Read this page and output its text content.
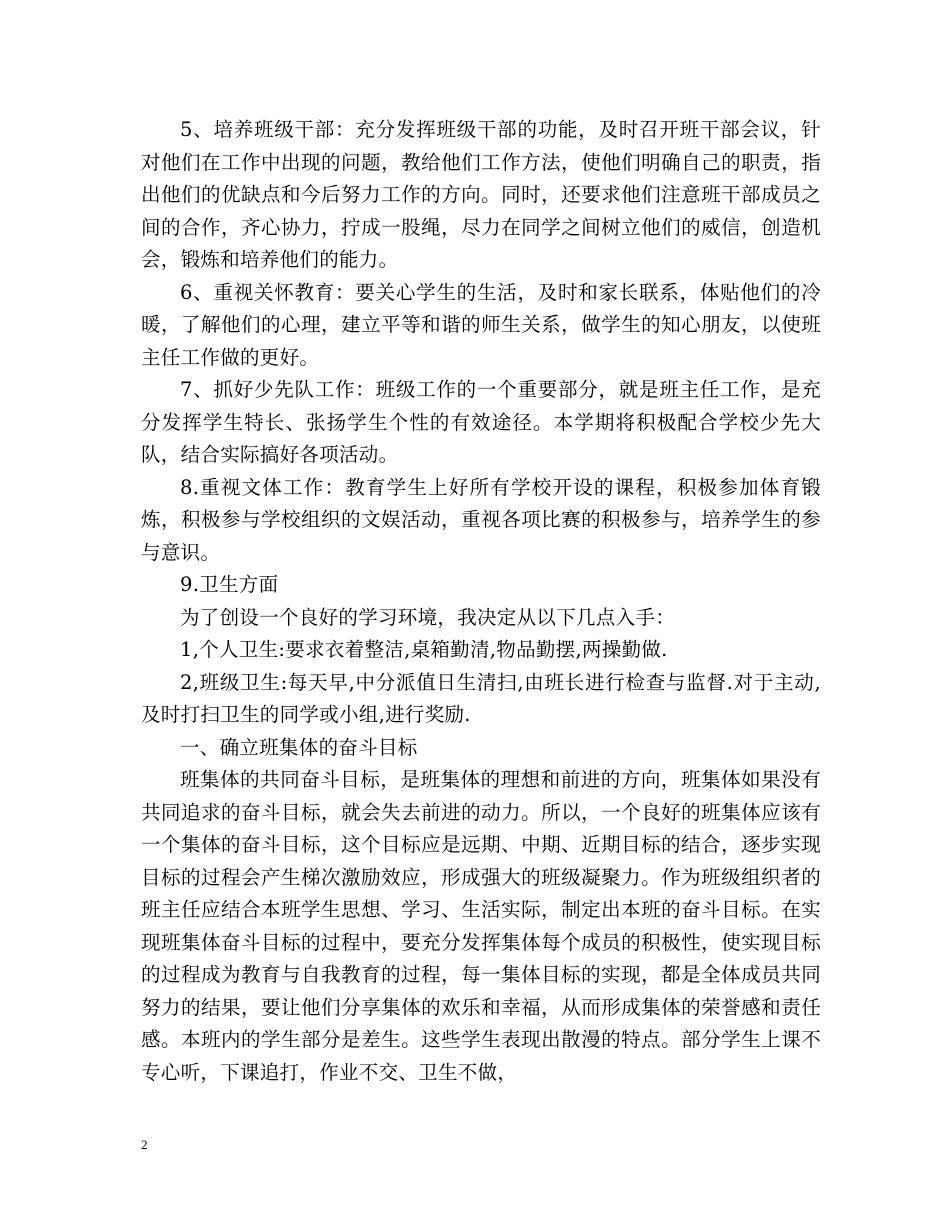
5、培养班级干部：充分发挥班级干部的功能，及时召开班干部会议，针对他们在工作中出现的问题，教给他们工作方法，使他们明确自己的职责，指出他们的优缺点和今后努力工作的方向。同时，还要求他们注意班干部成员之间的合作，齐心协力，拧成一股绳，尽力在同学之间树立他们的威信，创造机会，锻炼和培养他们的能力。

6、重视关怀教育：要关心学生的生活，及时和家长联系，体贴他们的冷暖，了解他们的心理，建立平等和谐的师生关系，做学生的知心朋友，以使班主任工作做的更好。

7、抓好少先队工作：班级工作的一个重要部分，就是班主任工作，是充分发挥学生特长、张扬学生个性的有效途径。本学期将积极配合学校少先大队，结合实际搞好各项活动。

8.重视文体工作：教育学生上好所有学校开设的课程，积极参加体育锻炼，积极参与学校组织的文娱活动，重视各项比赛的积极参与，培养学生的参与意识。

9.卫生方面

为了创设一个良好的学习环境，我决定从以下几点入手：

1,个人卫生:要求衣着整洁,桌箱勤清,物品勤摆,两操勤做.

2,班级卫生:每天早,中分派值日生清扫,由班长进行检查与监督.对于主动,及时打扫卫生的同学或小组,进行奖励.

一、确立班集体的奋斗目标

班集体的共同奋斗目标，是班集体的理想和前进的方向，班集体如果没有共同追求的奋斗目标，就会失去前进的动力。所以，一个良好的班集体应该有一个集体的奋斗目标，这个目标应是远期、中期、近期目标的结合，逐步实现目标的过程会产生梯次激励效应，形成强大的班级凝聚力。作为班级组织者的班主任应结合本班学生思想、学习、生活实际，制定出本班的奋斗目标。在实现班集体奋斗目标的过程中，要充分发挥集体每个成员的积极性，使实现目标的过程成为教育与自我教育的过程，每一集体目标的实现，都是全体成员共同努力的结果，要让他们分享集体的欢乐和幸福，从而形成集体的荣誉感和责任感。本班内的学生部分是差生。这些学生表现出散漫的特点。部分学生上课不专心听，下课追打，作业不交、卫生不做，

2
